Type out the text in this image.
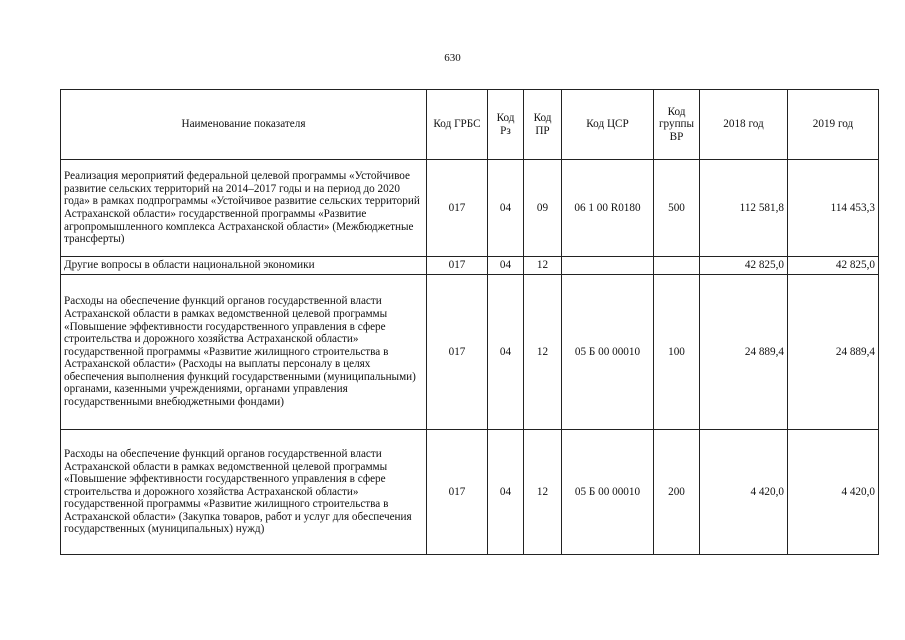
630
Наименование показателя	Код ГРБС	Код Рз	Код ПР	Код ЦСР	Код группы ВР	2018 год	2019 год
Реализация мероприятий федеральной целевой программы «Устойчивое развитие сельских территорий на 2014–2017 годы и на период до 2020 года» в рамках подпрограммы «Устойчивое развитие сельских территорий Астраханской области» государственной программы «Развитие агропромышленного комплекса Астраханской области» (Межбюджетные трансферты)	017	04	09	06 1 00 R0180	500	112 581,8	114 453,3
Другие вопросы в области национальной экономики	017	04	12			42 825,0	42 825,0
Расходы на обеспечение функций органов государственной власти Астраханской области в рамках ведомственной целевой программы «Повышение эффективности государственного управления в сфере строительства и дорожного хозяйства Астраханской области» государственной программы «Развитие жилищного строительства в Астраханской области» (Расходы на выплаты персоналу в целях обеспечения выполнения функций государственными (муниципальными) органами, казенными учреждениями, органами управления государственными внебюджетными фондами)	017	04	12	05 Б 00 00010	100	24 889,4	24 889,4
Расходы на обеспечение функций органов государственной власти Астраханской области в рамках ведомственной целевой программы «Повышение эффективности государственного управления в сфере строительства и дорожного хозяйства Астраханской области» государственной программы «Развитие жилищного строительства в Астраханской области» (Закупка товаров, работ и услуг для обеспечения государственных (муниципальных) нужд)	017	04	12	05 Б 00 00010	200	4 420,0	4 420,0
